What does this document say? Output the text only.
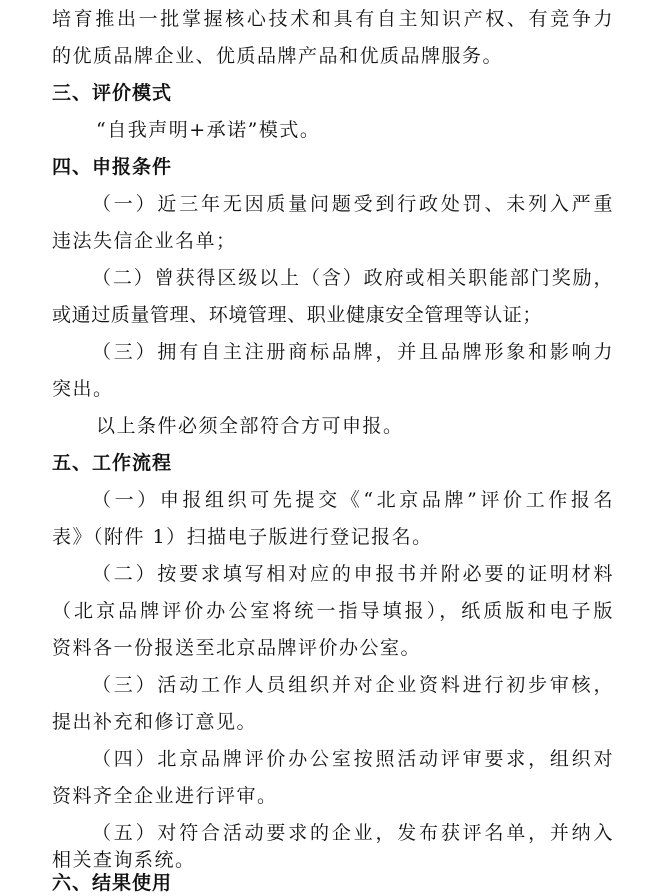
培育推出一批掌握核心技术和具有自主知识产权、有竞争力
的优质品牌企业、优质品牌产品和优质品牌服务。
三、评价模式
“自我声明+承诺”模式。
四、申报条件
（一）近三年无因质量问题受到行政处罚、未列入严重
违法失信企业名单；
（二）曾获得区级以上（含）政府或相关职能部门奖励，
或通过质量管理、环境管理、职业健康安全管理等认证；
（三）拥有自主注册商标品牌，并且品牌形象和影响力
突出。
以上条件必须全部符合方可申报。
五、工作流程
（一）申报组织可先提交《“北京品牌”评价工作报名
表》（附件 1）扫描电子版进行登记报名。
（二）按要求填写相对应的申报书并附必要的证明材料
（北京品牌评价办公室将统一指导填报），纸质版和电子版
资料各一份报送至北京品牌评价办公室。
（三）活动工作人员组织并对企业资料进行初步审核，
提出补充和修订意见。
（四）北京品牌评价办公室按照活动评审要求，组织对
资料齐全企业进行评审。
（五）对符合活动要求的企业，发布获评名单，并纳入
相关查询系统。
六、结果使用
